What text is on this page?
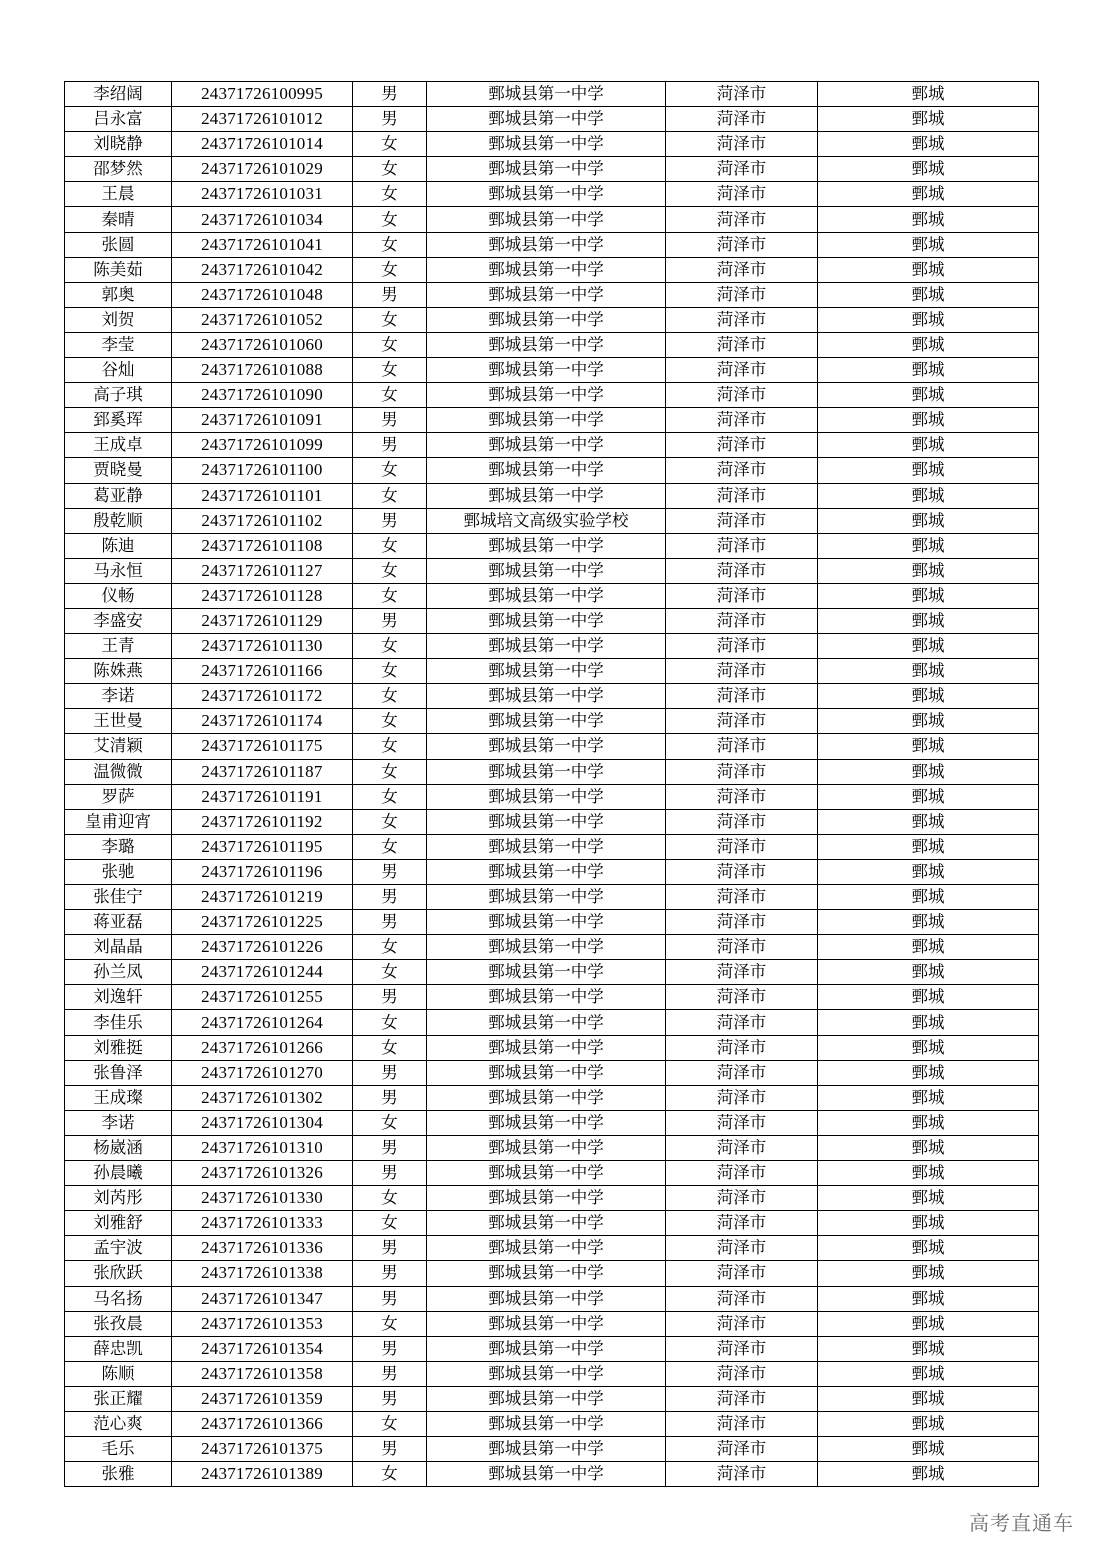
李绍阔	24371726100995	男	鄄城县第一中学	菏泽市	鄄城
吕永富	24371726101012	男	鄄城县第一中学	菏泽市	鄄城
刘晓静	24371726101014	女	鄄城县第一中学	菏泽市	鄄城
邵梦然	24371726101029	女	鄄城县第一中学	菏泽市	鄄城
王晨	24371726101031	女	鄄城县第一中学	菏泽市	鄄城
秦晴	24371726101034	女	鄄城县第一中学	菏泽市	鄄城
张圆	24371726101041	女	鄄城县第一中学	菏泽市	鄄城
陈美茹	24371726101042	女	鄄城县第一中学	菏泽市	鄄城
郭奥	24371726101048	男	鄄城县第一中学	菏泽市	鄄城
刘贺	24371726101052	女	鄄城县第一中学	菏泽市	鄄城
李莹	24371726101060	女	鄄城县第一中学	菏泽市	鄄城
谷灿	24371726101088	女	鄄城县第一中学	菏泽市	鄄城
高子琪	24371726101090	女	鄄城县第一中学	菏泽市	鄄城
郅奚珲	24371726101091	男	鄄城县第一中学	菏泽市	鄄城
王成卓	24371726101099	男	鄄城县第一中学	菏泽市	鄄城
贾晓曼	24371726101100	女	鄄城县第一中学	菏泽市	鄄城
葛亚静	24371726101101	女	鄄城县第一中学	菏泽市	鄄城
殷乾顺	24371726101102	男	鄄城培文高级实验学校	菏泽市	鄄城
陈迪	24371726101108	女	鄄城县第一中学	菏泽市	鄄城
马永恒	24371726101127	女	鄄城县第一中学	菏泽市	鄄城
仪畅	24371726101128	女	鄄城县第一中学	菏泽市	鄄城
李盛安	24371726101129	男	鄄城县第一中学	菏泽市	鄄城
王青	24371726101130	女	鄄城县第一中学	菏泽市	鄄城
陈姝燕	24371726101166	女	鄄城县第一中学	菏泽市	鄄城
李诺	24371726101172	女	鄄城县第一中学	菏泽市	鄄城
王世曼	24371726101174	女	鄄城县第一中学	菏泽市	鄄城
艾清颖	24371726101175	女	鄄城县第一中学	菏泽市	鄄城
温微微	24371726101187	女	鄄城县第一中学	菏泽市	鄄城
罗萨	24371726101191	女	鄄城县第一中学	菏泽市	鄄城
皇甫迎宵	24371726101192	女	鄄城县第一中学	菏泽市	鄄城
李璐	24371726101195	女	鄄城县第一中学	菏泽市	鄄城
张驰	24371726101196	男	鄄城县第一中学	菏泽市	鄄城
张佳宁	24371726101219	男	鄄城县第一中学	菏泽市	鄄城
蒋亚磊	24371726101225	男	鄄城县第一中学	菏泽市	鄄城
刘晶晶	24371726101226	女	鄄城县第一中学	菏泽市	鄄城
孙兰凤	24371726101244	女	鄄城县第一中学	菏泽市	鄄城
刘逸轩	24371726101255	男	鄄城县第一中学	菏泽市	鄄城
李佳乐	24371726101264	女	鄄城县第一中学	菏泽市	鄄城
刘雅挺	24371726101266	女	鄄城县第一中学	菏泽市	鄄城
张鲁泽	24371726101270	男	鄄城县第一中学	菏泽市	鄄城
王成璨	24371726101302	男	鄄城县第一中学	菏泽市	鄄城
李诺	24371726101304	女	鄄城县第一中学	菏泽市	鄄城
杨崴涵	24371726101310	男	鄄城县第一中学	菏泽市	鄄城
孙晨曦	24371726101326	男	鄄城县第一中学	菏泽市	鄄城
刘芮彤	24371726101330	女	鄄城县第一中学	菏泽市	鄄城
刘雅舒	24371726101333	女	鄄城县第一中学	菏泽市	鄄城
孟宇波	24371726101336	男	鄄城县第一中学	菏泽市	鄄城
张欣跃	24371726101338	男	鄄城县第一中学	菏泽市	鄄城
马名扬	24371726101347	男	鄄城县第一中学	菏泽市	鄄城
张孜晨	24371726101353	女	鄄城县第一中学	菏泽市	鄄城
薛忠凯	24371726101354	男	鄄城县第一中学	菏泽市	鄄城
陈顺	24371726101358	男	鄄城县第一中学	菏泽市	鄄城
张正耀	24371726101359	男	鄄城县第一中学	菏泽市	鄄城
范心爽	24371726101366	女	鄄城县第一中学	菏泽市	鄄城
毛乐	24371726101375	男	鄄城县第一中学	菏泽市	鄄城
张雅	24371726101389	女	鄄城县第一中学	菏泽市	鄄城
高考直通车
